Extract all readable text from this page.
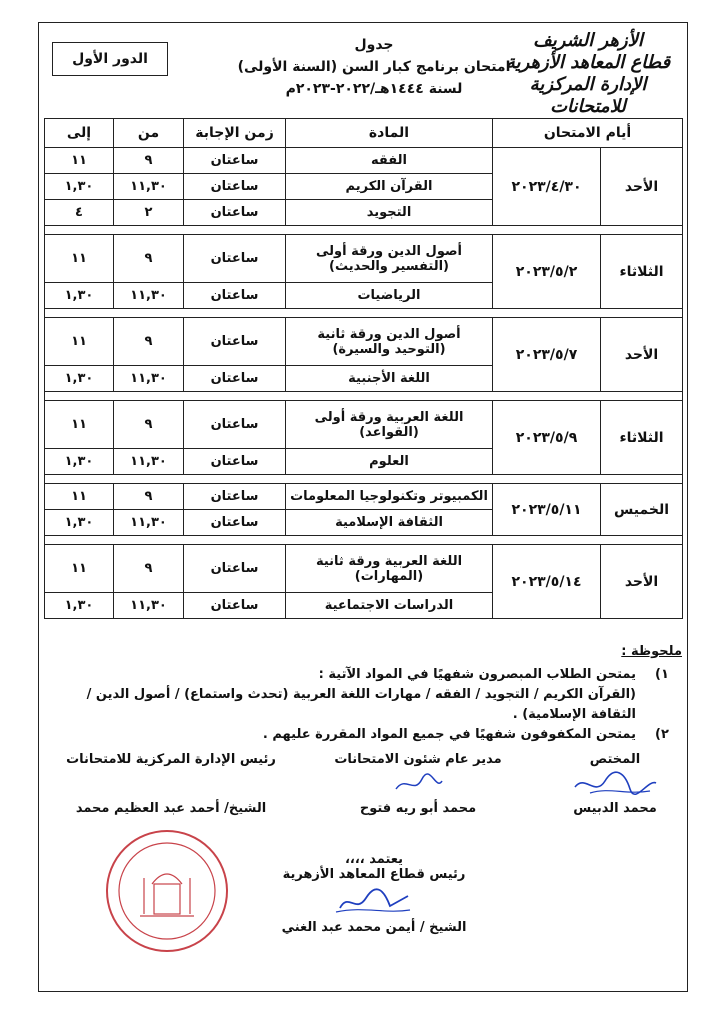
الأزهر الشريف
قطاع المعاهد الأزهرية
الإدارة المركزية للامتحانات
جدول
امتحان برنامج كبار السن (السنة الأولى)
لسنة ١٤٤٤هـ/٢٠٢٢-٢٠٢٣م
الدور الأول
أيام الامتحان		المادة	زمن الإجابة	من	إلى
الأحد	٢٠٢٣/٤/٣٠	الفقه	ساعتان	٩	١١

		القرآن الكريم	ساعتان	١١,٣٠	١,٣٠

		التجويد	ساعتان	٢	٤

الثلاثاء	٢٠٢٣/٥/٢	أصول الدين ورقة أولى
(التفسير والحديث)	ساعتان	٩	١١

		الرياضيات	ساعتان	١١,٣٠	١,٣٠

الأحد	٢٠٢٣/٥/٧	أصول الدين ورقة ثانية
(التوحيد والسيرة)	ساعتان	٩	١١

		اللغة الأجنبية	ساعتان	١١,٣٠	١,٣٠

الثلاثاء	٢٠٢٣/٥/٩	اللغة العربية ورقة أولى
(القواعد)	ساعتان	٩	١١

		العلوم	ساعتان	١١,٣٠	١,٣٠

الخميس	٢٠٢٣/٥/١١	الكمبيوتر وتكنولوجيا المعلومات	ساعتان	٩	١١

		الثقافة الإسلامية	ساعتان	١١,٣٠	١,٣٠

الأحد	٢٠٢٣/٥/١٤	اللغة العربية ورقة ثانية
(المهارات)	ساعتان	٩	١١

		الدراسات الاجتماعية	ساعتان	١١,٣٠	١,٣٠
ملحوظة :
١)
يمتحن الطلاب المبصرون شفهيًا في المواد الآتية :
(القرآن الكريم / التجويد / الفقه / مهارات اللغة العربية (تحدث واستماع) / أصول الدين /الثقافة الإسلامية) .
٢)
يمتحن المكفوفون شفهيًا في جميع المواد المقررة عليهم .
المختص
محمد الدبيس
مدير عام شئون الامتحانات
محمد أبو ريه فتوح
رئيس الإدارة المركزية للامتحانات
الشيخ/ أحمد عبد العظيم محمد
يعتمد ،،،،
رئيس قطاع المعاهد الأزهرية
الشيخ / أيمن محمد عبد الغني
